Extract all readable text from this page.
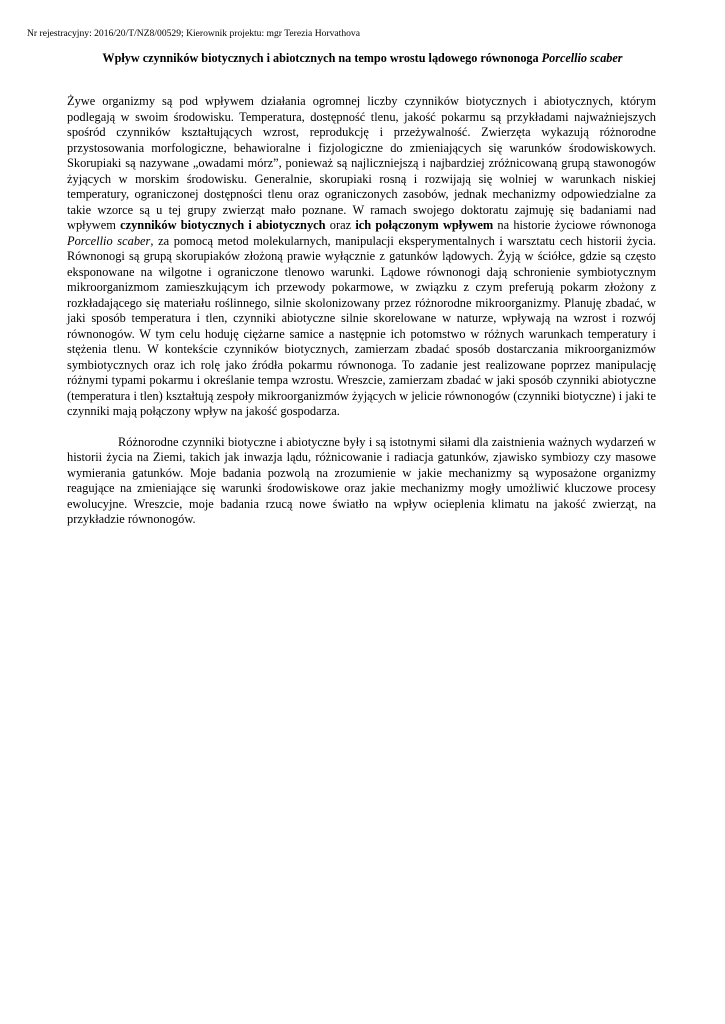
Nr rejestracyjny: 2016/20/T/NZ8/00529; Kierownik projektu: mgr Terezia Horvathova
Wpływ czynników biotycznych i abiotcznych na tempo wrostu lądowego równonoga Porcellio scaber

Żywe organizmy są pod wpływem działania ogromnej liczby czynników biotycznych i abiotycznych, którym podlegają w swoim środowisku. Temperatura, dostępność tlenu, jakość pokarmu są przykładami najważniejszych spośród czynników kształtujących wzrost, reprodukcję i przeżywalność. Zwierzęta wykazują różnorodne przystosowania morfologiczne, behawioralne i fizjologiczne do zmieniających się warunków środowiskowych. Skorupiaki są nazywane „owadami mórz”, ponieważ są najliczniejszą i najbardziej zróżnicowaną grupą stawonogów żyjących w morskim środowisku. Generalnie, skorupiaki rosną i rozwijają się wolniej w warunkach niskiej temperatury, ograniczonej dostępności tlenu oraz ograniczonych zasobów, jednak mechanizmy odpowiedzialne za takie wzorce są u tej grupy zwierząt mało poznane. W ramach swojego doktoratu zajmuję się badaniami nad wpływem czynników biotycznych i abiotycznych oraz ich połączonym wpływem na historie życiowe równonoga Porcellio scaber, za pomocą metod molekularnych, manipulacji eksperymentalnych i warsztatu cech historii życia. Równonogi są grupą skorupiaków złożoną prawie wyłącznie z gatunków lądowych. Żyją w ściółce, gdzie są często eksponowane na wilgotne i ograniczone tlenowo warunki. Lądowe równonogi dają schronienie symbiotycznym mikroorganizmom zamieszkującym ich przewody pokarmowe, w związku z czym preferują pokarm złożony z rozkładającego się materiału roślinnego, silnie skolonizowany przez różnorodne mikroorganizmy. Planuję zbadać, w jaki sposób temperatura i tlen, czynniki abiotyczne silnie skorelowane w naturze, wpływają na wzrost i rozwój równonogów. W tym celu hoduję ciężarne samice a następnie ich potomstwo w różnych warunkach temperatury i stężenia tlenu. W kontekście czynników biotycznych, zamierzam zbadać sposób dostarczania mikroorganizmów symbiotycznych oraz ich rolę jako źródła pokarmu równonoga. To zadanie jest realizowane poprzez manipulację różnymi typami pokarmu i określanie tempa wzrostu. Wreszcie, zamierzam zbadać w jaki sposób czynniki abiotyczne (temperatura i tlen) kształtują zespoły mikroorganizmów żyjących w jelicie równonogów (czynniki biotyczne) i jaki te czynniki mają połączony wpływ na jakość gospodarza.

Różnorodne czynniki biotyczne i abiotyczne były i są istotnymi siłami dla zaistnienia ważnych wydarzeń w historii życia na Ziemi, takich jak inwazja lądu, różnicowanie i radiacja gatunków, zjawisko symbiozy czy masowe wymierania gatunków. Moje badania pozwolą na zrozumienie w jakie mechanizmy są wyposażone organizmy reagujące na zmieniające się warunki środowiskowe oraz jakie mechanizmy mogły umożliwić kluczowe procesy ewolucyjne. Wreszcie, moje badania rzucą nowe światło na wpływ ocieplenia klimatu na jakość zwierząt, na przykładzie równonogów.
